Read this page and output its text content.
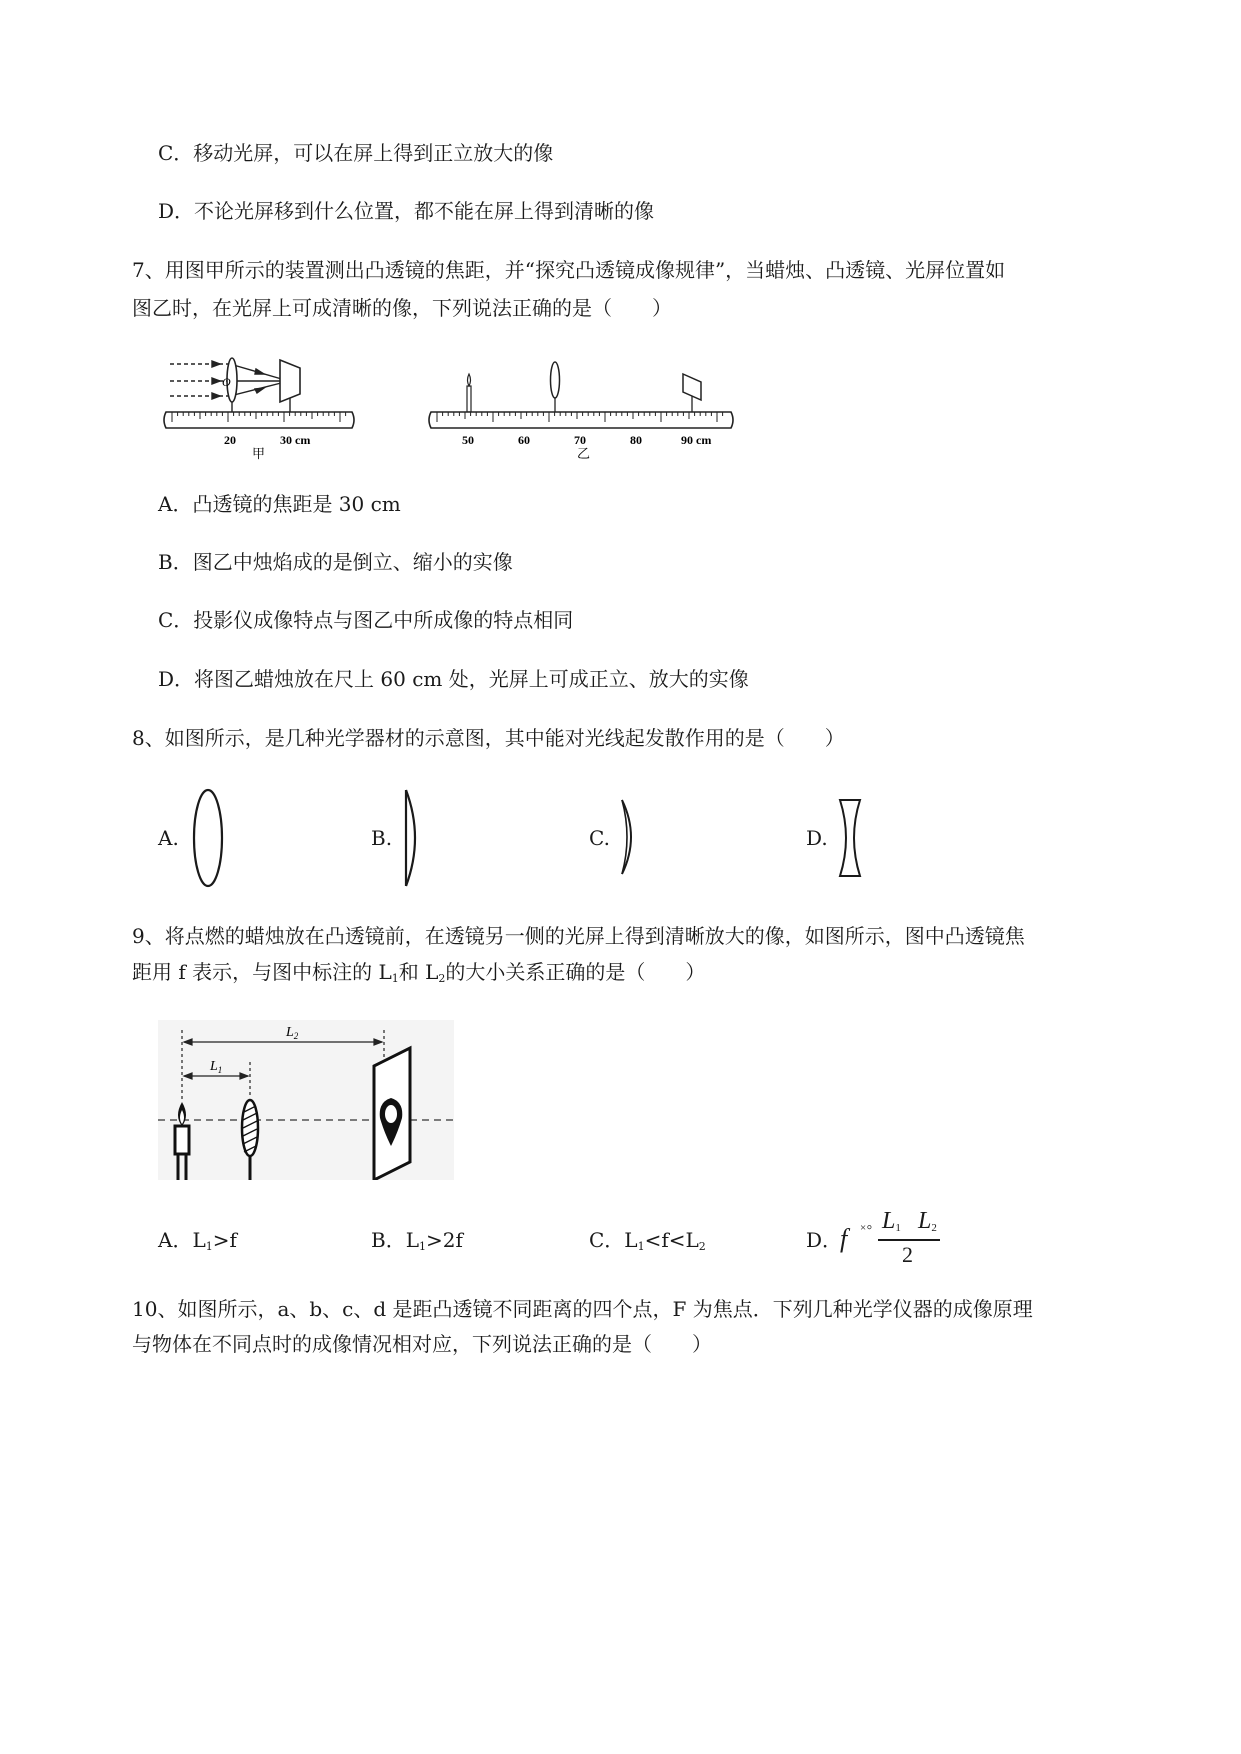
C．移动光屏，可以在屏上得到正立放大的像
D．不论光屏移到什么位置，都不能在屏上得到清晰的像
7、用图甲所示的装置测出凸透镜的焦距，并“探究凸透镜成像规律”，当蜡烛、凸透镜、光屏位置如
图乙时，在光屏上可成清晰的像，下列说法正确的是（　　）
O
20	30 cm
甲
50	60	70	80	90 cm
乙
A．凸透镜的焦距是 30 cm
B．图乙中烛焰成的是倒立、缩小的实像
C．投影仪成像特点与图乙中所成像的特点相同
D．将图乙蜡烛放在尺上 60 cm 处，光屏上可成正立、放大的实像
8、如图所示，是几种光学器材的示意图，其中能对光线起发散作用的是（　　）
A.	B.	C.	D.
9、将点燃的蜡烛放在凸透镜前，在透镜另一侧的光屏上得到清晰放大的像，如图所示，图中凸透镜焦
距用 f 表示，与图中标注的 $L_1$和 $L_2$的大小关系正确的是（　　）
$L_2$
$L_1$
A．$L_1>f$	B．$L_1>2f$	C．$L_1<f<L_2$	D．
f ×⸰ $L_1$ $L_2$
2
10、如图所示，a、b、c、d 是距凸透镜不同距离的四个点，F 为焦点．下列几种光学仪器的成像原理
与物体在不同点时的成像情况相对应，下列说法正确的是（　　）
